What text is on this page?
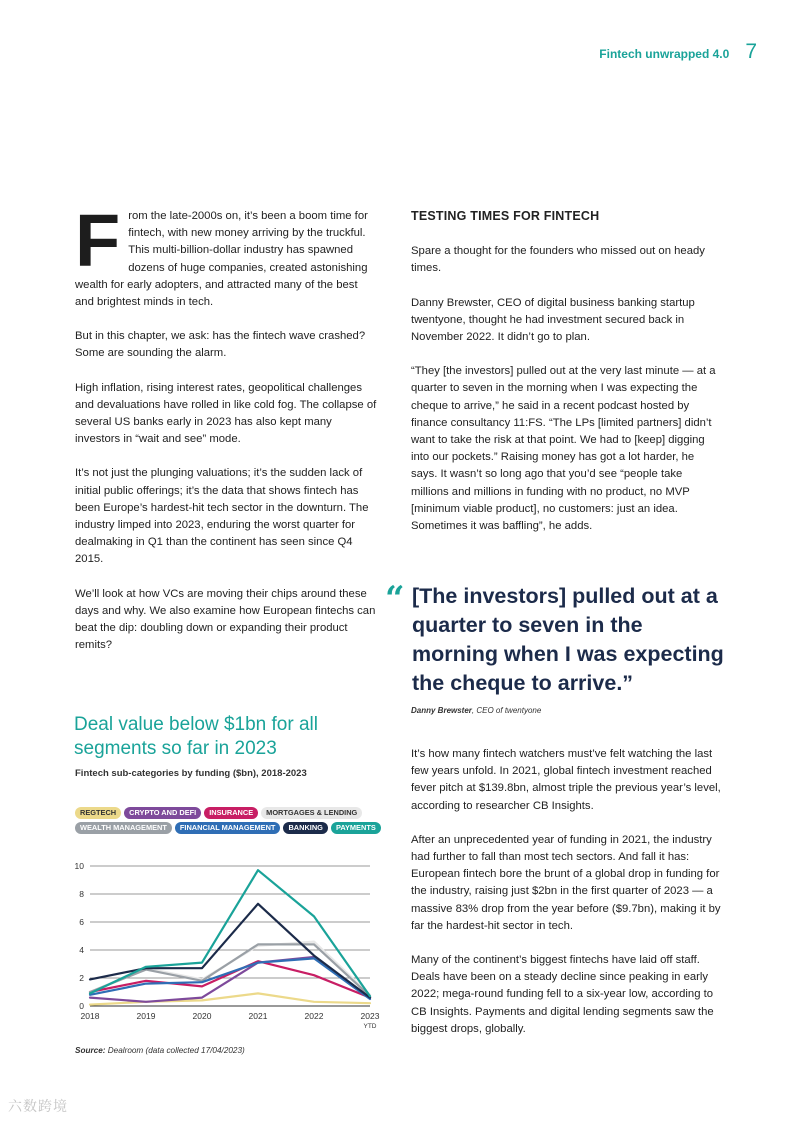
Fintech unwrapped 4.0 7

From the late-2000s on, it’s been a boom time for fintech, with new money arriving by the truckful. This multi-billion-dollar industry has spawned dozens of huge companies, created astonishing wealth for early adopters, and attracted many of the best and brightest minds in tech.

But in this chapter, we ask: has the fintech wave crashed? Some are sounding the alarm.

High inflation, rising interest rates, geopolitical challenges and devaluations have rolled in like cold fog. The collapse of several US banks early in 2023 has also kept many investors in “wait and see” mode.

It’s not just the plunging valuations; it’s the sudden lack of initial public offerings; it’s the data that shows fintech has been Europe’s hardest-hit tech sector in the downturn. The industry limped into 2023, enduring the worst quarter for dealmaking in Q1 than the continent has seen since Q4 2015.

We’ll look at how VCs are moving their chips around these days and why. We also examine how European fintechs can beat the dip: doubling down or expanding their product remits?

TESTING TIMES FOR FINTECH

Spare a thought for the founders who missed out on heady times.

Danny Brewster, CEO of digital business banking startup twentyone, thought he had investment secured back in November 2022. It didn’t go to plan.

“They [the investors] pulled out at the very last minute — at a quarter to seven in the morning when I was expecting the cheque to arrive,” he said in a recent podcast hosted by finance consultancy 11:FS. “The LPs [limited partners] didn’t want to take the risk at that point. We had to [keep] digging into our pockets.” Raising money has got a lot harder, he says. It wasn’t so long ago that you’d see “people take millions and millions in funding with no product, no MVP [minimum viable product], no customers: just an idea. Sometimes it was baffling”, he adds.

“ [The investors] pulled out at a quarter to seven in the morning when I was expecting the cheque to arrive.”
Danny Brewster, CEO of twentyone

It’s how many fintech watchers must’ve felt watching the last few years unfold. In 2021, global fintech investment reached fever pitch at $139.8bn, almost triple the previous year’s level, according to researcher CB Insights.

After an unprecedented year of funding in 2021, the industry had further to fall than most tech sectors. And fall it has: European fintech bore the brunt of a global drop in funding for the industry, raising just $2bn in the first quarter of 2023 — a massive 83% drop from the year before ($9.7bn), making it by far the hardest-hit sector in tech.

Many of the continent’s biggest fintechs have laid off staff. Deals have been on a steady decline since peaking in early 2022; mega-round funding fell to a six-year low, according to CB Insights. Payments and digital lending segments saw the biggest drops, globally.

Deal value below $1bn for all segments so far in 2023
Fintech sub-categories by funding ($bn), 2018-2023
REGTECH	CRYPTO AND DEFI	INSURANCE	MORTGAGES & LENDING
WEALTH MANAGEMENT	FINANCIAL MANAGEMENT	BANKING	PAYMENTS
0
2
4
6
8
10
2018	2019	2020	2021	2022	2023
YTD
Source: Dealroom (data collected 17/04/2023)
六数跨境
